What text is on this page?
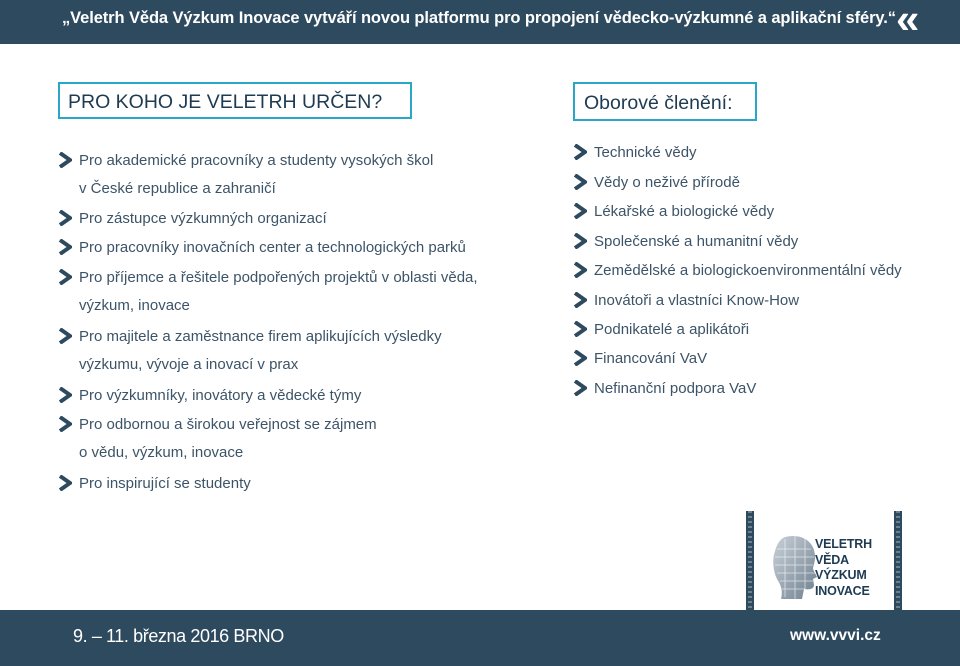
„Veletrh Věda Výzkum Inovace vytváří novou platformu pro propojení vědecko-výzkumné a aplikační sféry.“ «
PRO KOHO JE VELETRH URČEN?	Oborové členění:
Pro akademické pracovníky a studenty vysokých škol
v České republice a zahraničí
Pro zástupce výzkumných organizací
Pro pracovníky inovačních center a technologických parků
Pro příjemce a řešitele podpořených projektů v oblasti věda,
výzkum, inovace
Pro majitele a zaměstnance firem aplikujících výsledky
výzkumu, vývoje a inovací v prax
Pro výzkumníky, inovátory a vědecké týmy
Pro odbornou a širokou veřejnost se zájmem
o vědu, výzkum, inovace
Pro inspirující se studenty
Technické vědy
Vědy o neživé přírodě
Lékařské a biologické vědy
Společenské a humanitní vědy
Zemědělské a biologickoenvironmentální vědy
Inovátoři a vlastníci Know-How
Podnikatelé a aplikátoři
Financování VaV
Nefinanční podpora VaV
VELETRH
VĚDA
VÝZKUM
INOVACE
9. – 11. března 2016 BRNO	www.vvvi.cz
